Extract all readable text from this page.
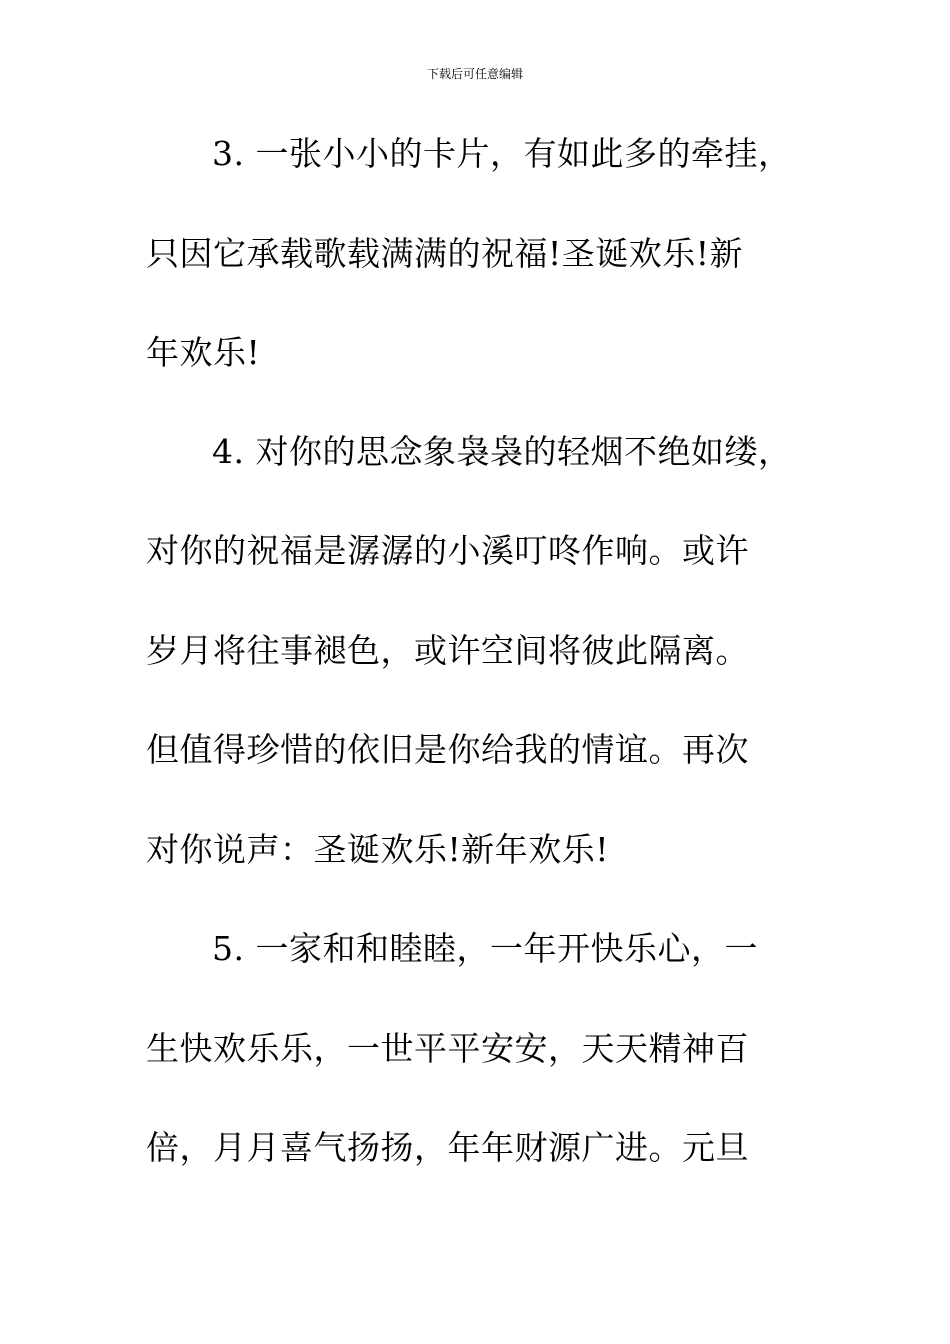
下载后可任意编辑
3. 一张小小的卡片，有如此多的牵挂，
只因它承载歌载满满的祝福!圣诞欢乐!新
年欢乐!
4. 对你的思念象袅袅的轻烟不绝如缕，
对你的祝福是潺潺的小溪叮咚作响。或许
岁月将往事褪色，或许空间将彼此隔离。
但值得珍惜的依旧是你给我的情谊。再次
对你说声：圣诞欢乐!新年欢乐!
5. 一家和和睦睦，一年开快乐心，一
生快欢乐乐，一世平平安安，天天精神百
倍，月月喜气扬扬，年年财源广进。元旦
